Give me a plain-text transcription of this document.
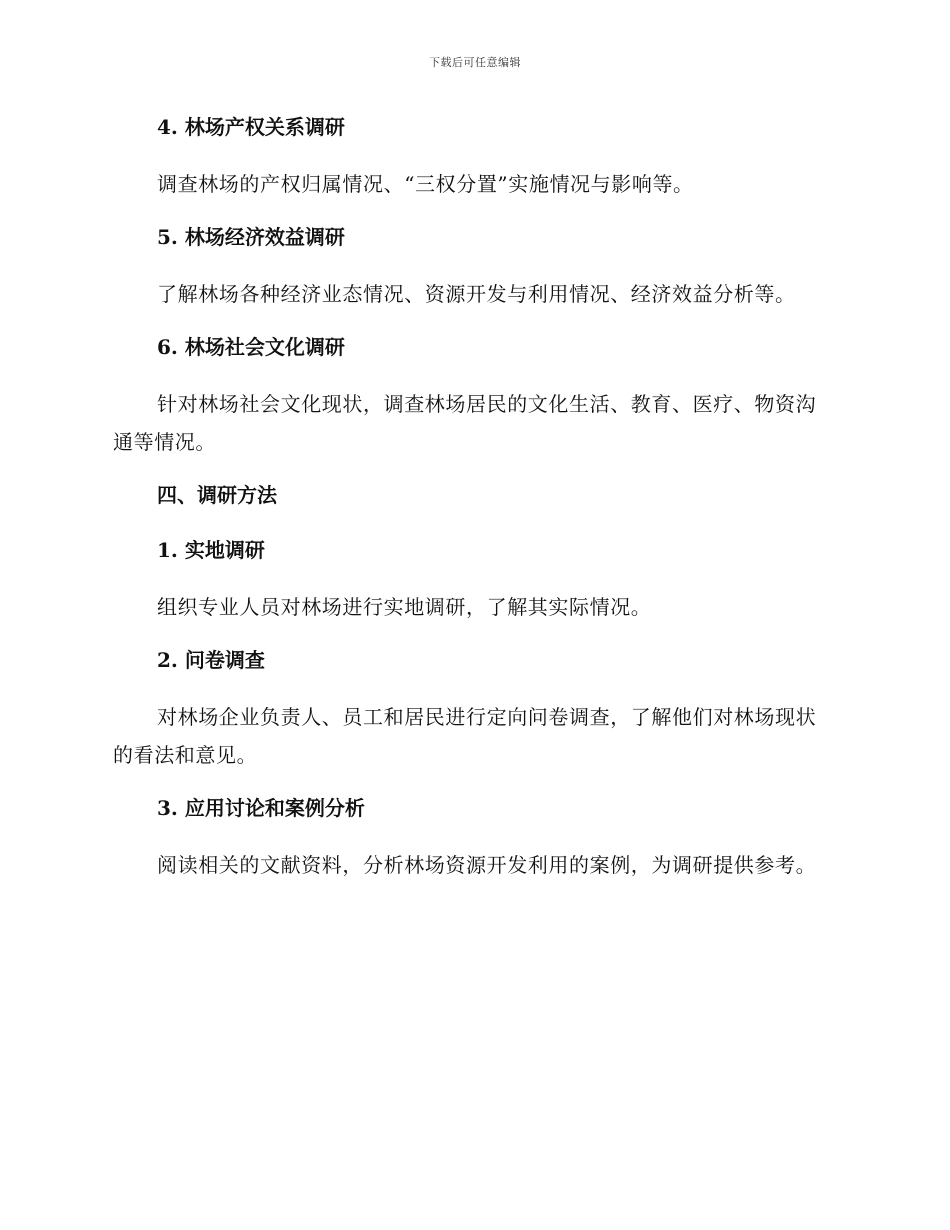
下载后可任意编辑
4. 林场产权关系调研
调查林场的产权归属情况、“三权分置”实施情况与影响等。
5. 林场经济效益调研
了解林场各种经济业态情况、资源开发与利用情况、经济效益分析等。
6. 林场社会文化调研
针对林场社会文化现状，调查林场居民的文化生活、教育、医疗、物资沟通等情况。
四、调研方法
1. 实地调研
组织专业人员对林场进行实地调研，了解其实际情况。
2. 问卷调查
对林场企业负责人、员工和居民进行定向问卷调查，了解他们对林场现状的看法和意见。
3. 应用讨论和案例分析
阅读相关的文献资料，分析林场资源开发利用的案例，为调研提供参考。
